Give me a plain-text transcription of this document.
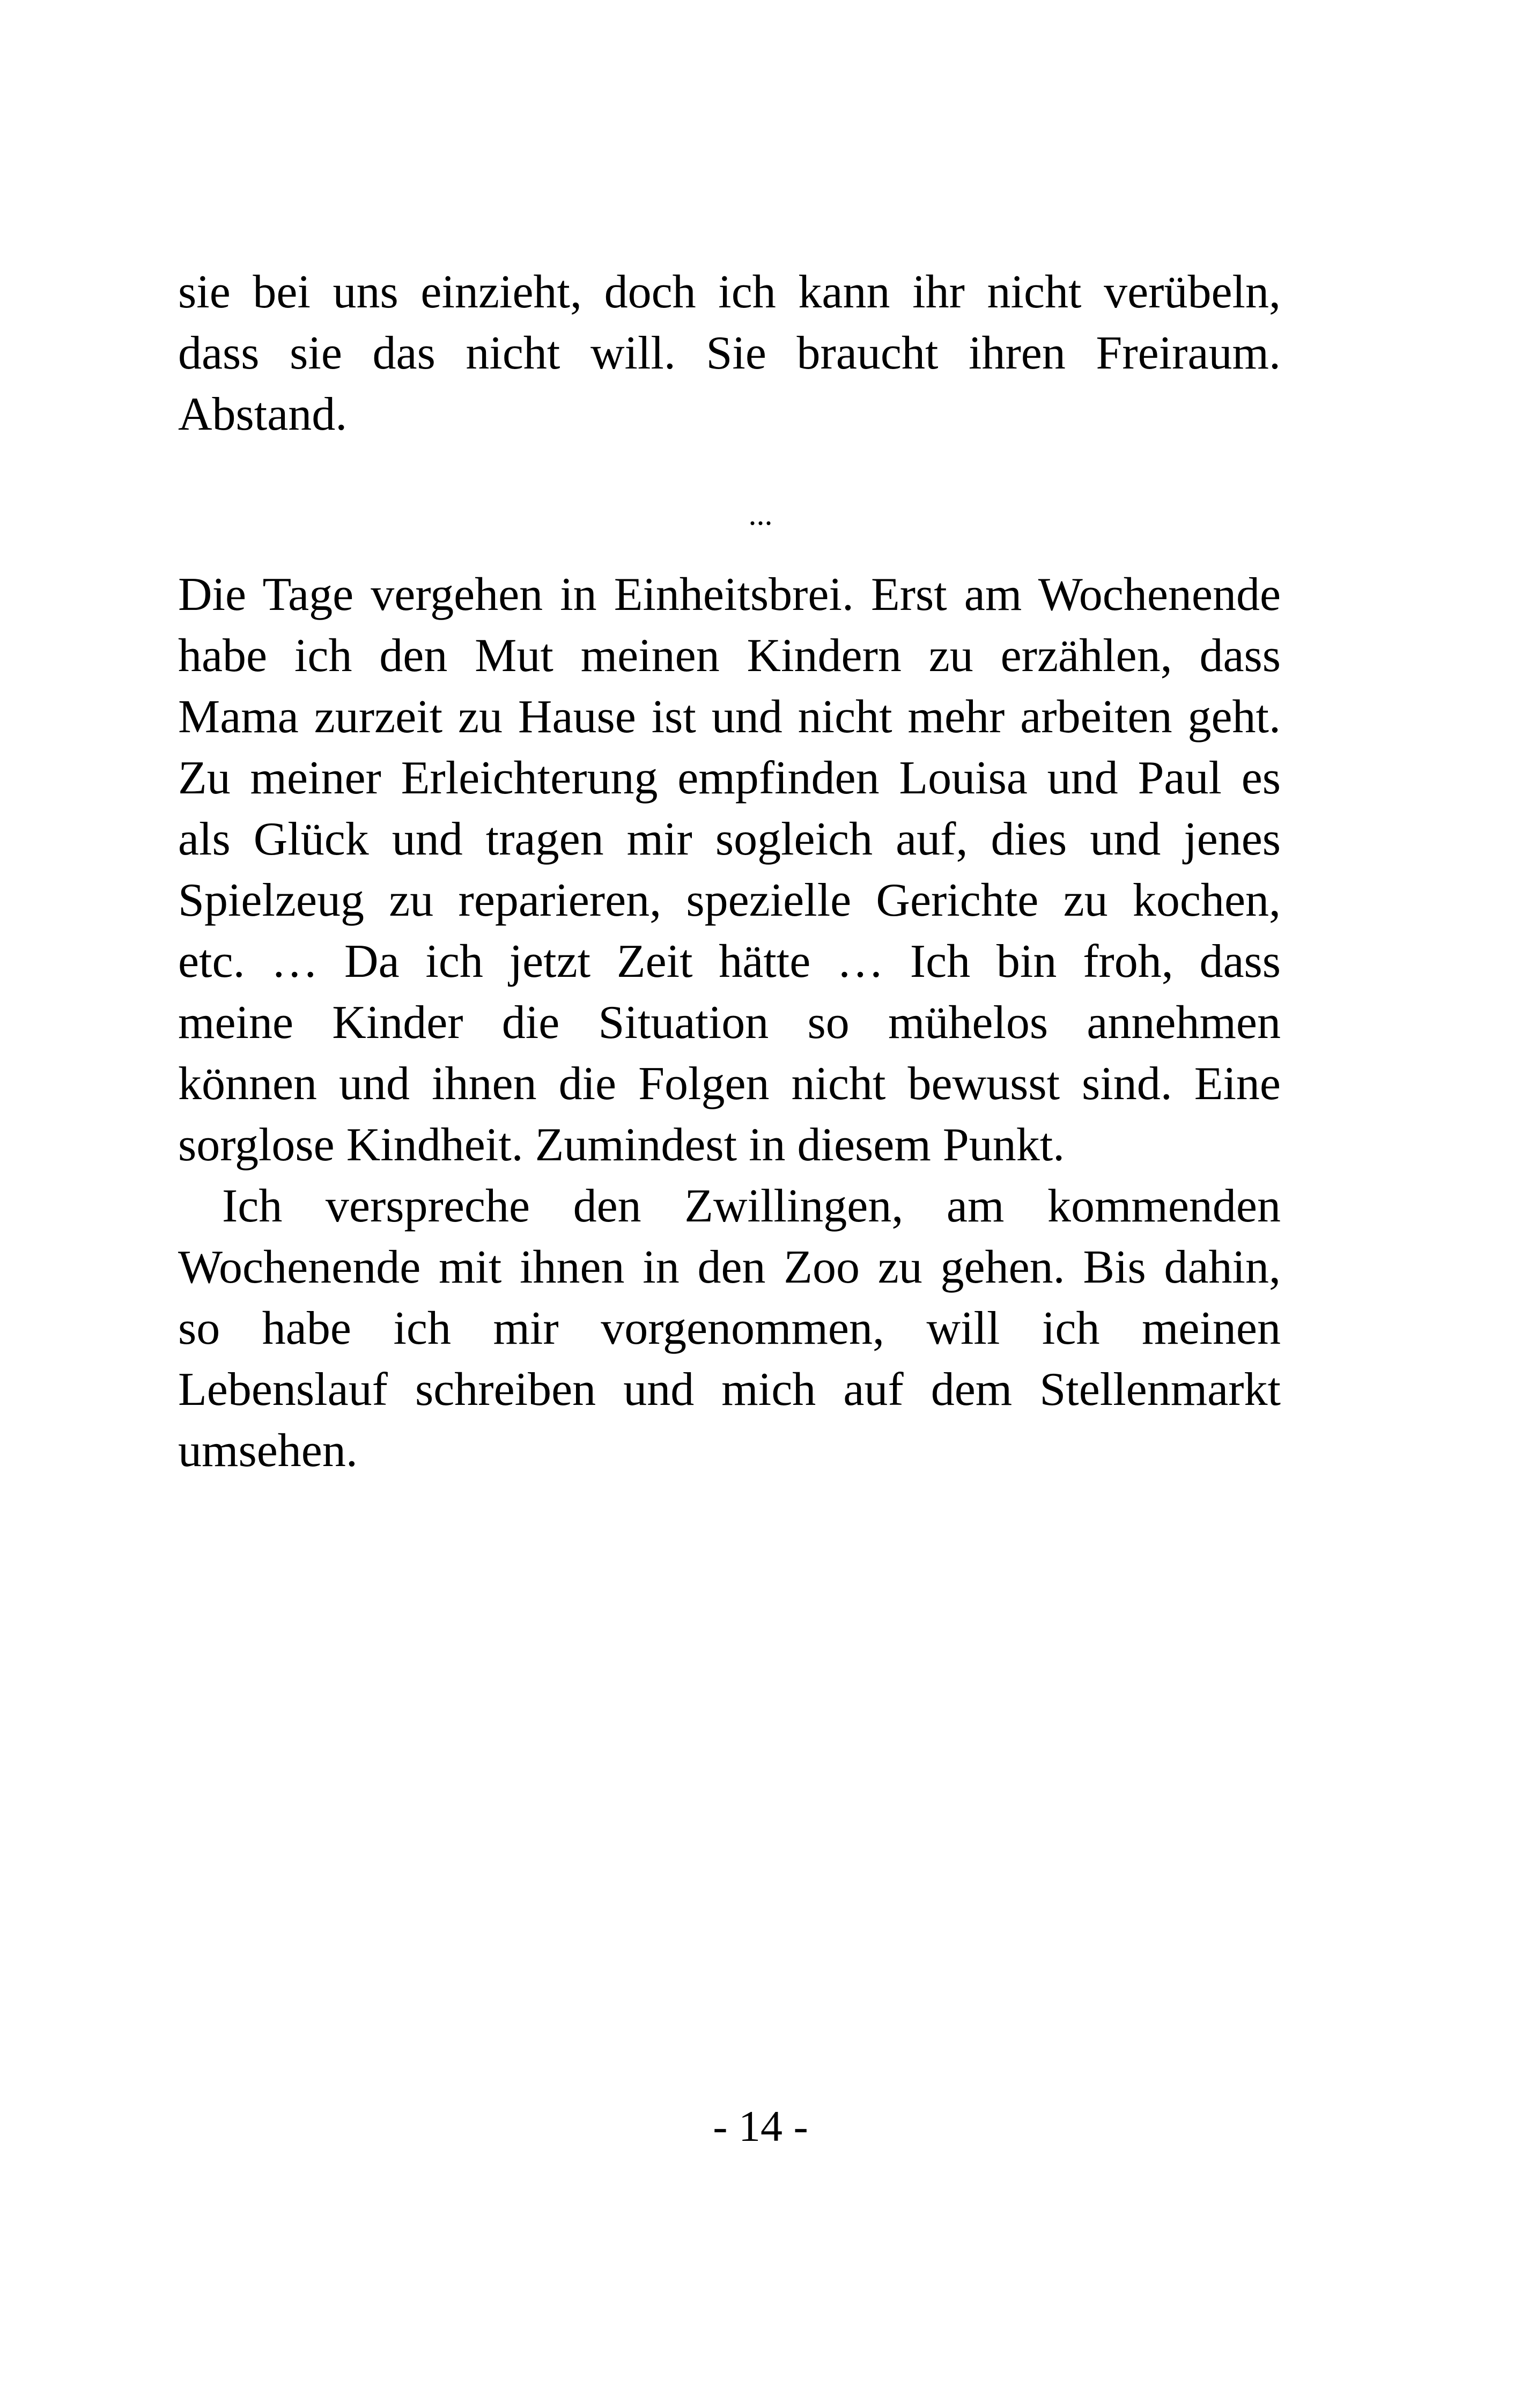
sie bei uns einzieht, doch ich kann ihr nicht verübeln,
dass sie das nicht will. Sie braucht ihren Freiraum.
Abstand.
...
Die Tage vergehen in Einheitsbrei. Erst am Wochenende
habe ich den Mut meinen Kindern zu erzählen, dass
Mama zurzeit zu Hause ist und nicht mehr arbeiten geht.
Zu meiner Erleichterung empfinden Louisa und Paul es
als Glück und tragen mir sogleich auf, dies und jenes
Spielzeug zu reparieren, spezielle Gerichte zu kochen,
etc. … Da ich jetzt Zeit hätte … Ich bin froh, dass
meine Kinder die Situation so mühelos annehmen
können und ihnen die Folgen nicht bewusst sind. Eine
sorglose Kindheit. Zumindest in diesem Punkt.
Ich verspreche den Zwillingen, am kommenden
Wochenende mit ihnen in den Zoo zu gehen. Bis dahin,
so habe ich mir vorgenommen, will ich meinen
Lebenslauf schreiben und mich auf dem Stellenmarkt
umsehen.
- 14 -
